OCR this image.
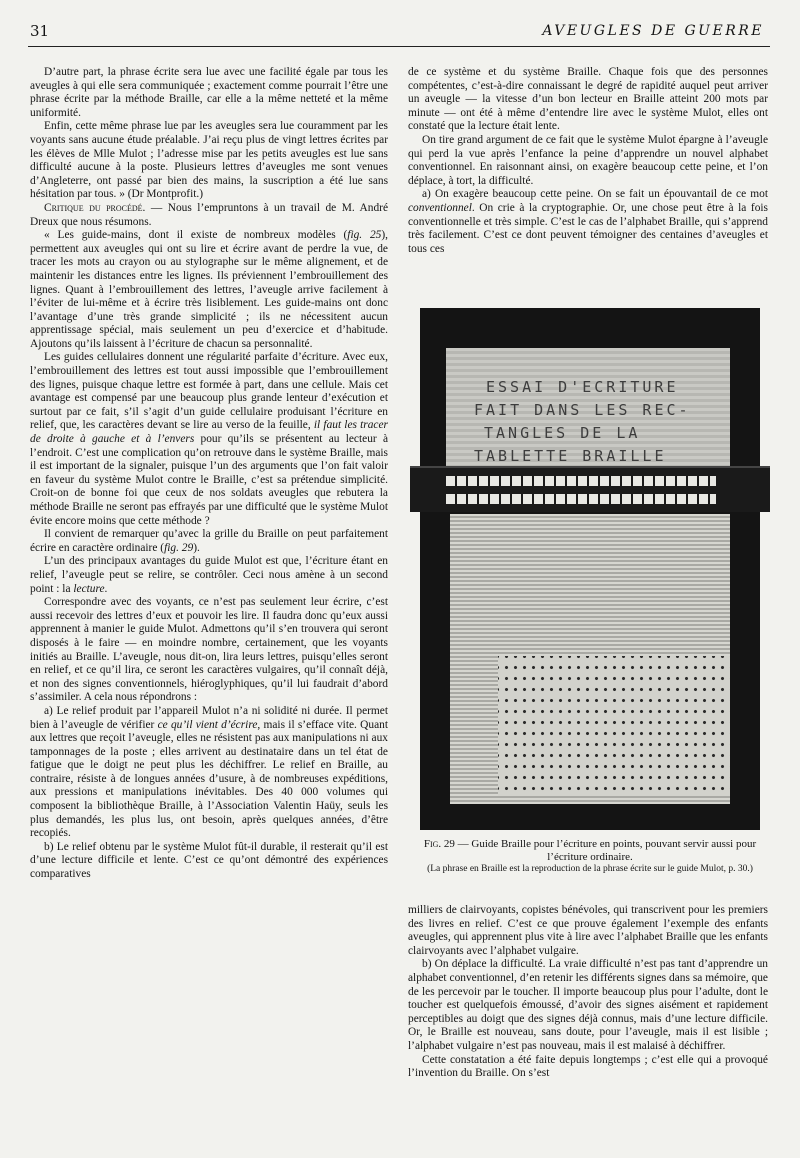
31	AVEUGLES DE GUERRE

D’autre part, la phrase écrite sera lue avec une facilité égale par tous les aveugles à qui elle sera communiquée ; exactement comme pourrait l’être une phrase écrite par la méthode Braille, car elle a la même netteté et la même uniformité.

Enfin, cette même phrase lue par les aveugles sera lue couramment par les voyants sans aucune étude préalable. J’ai reçu plus de vingt lettres écrites par les élèves de Mlle Mulot ; l’adresse mise par les petits aveugles est lue sans difficulté aucune à la poste. Plusieurs lettres d’aveugles me sont venues d’Angleterre, ont passé par bien des mains, la suscription a été lue sans hésitation par tous. » (Dr Montprofit.)

Critique du procédé. — Nous l’empruntons à un travail de M. André Dreux que nous résumons.

« Les guide-mains, dont il existe de nombreux modèles (fig. 25), permettent aux aveugles qui ont su lire et écrire avant de perdre la vue, de tracer les mots au crayon ou au stylographe sur le même alignement, et de maintenir les distances entre les lignes. Ils préviennent l’embrouillement des lignes. Quant à l’embrouillement des lettres, l’aveugle arrive facilement à l’éviter de lui-même et à écrire très lisiblement. Les guide-mains ont donc l’avantage d’une très grande simplicité ; ils ne nécessitent aucun apprentissage spécial, mais seulement un peu d’exercice et d’habitude. Ajoutons qu’ils laissent à l’écriture de chacun sa personnalité.

Les guides cellulaires donnent une régularité parfaite d’écriture. Avec eux, l’embrouillement des lettres est tout aussi impossible que l’embrouillement des lignes, puisque chaque lettre est formée à part, dans une cellule. Mais cet avantage est compensé par une beaucoup plus grande lenteur d’exécution et surtout par ce fait, s’il s’agit d’un guide cellulaire produisant l’écriture en relief, que, les caractères devant se lire au verso de la feuille, il faut les tracer de droite à gauche et à l’envers pour qu’ils se présentent au lecteur à l’endroit. C’est une complication qu’on retrouve dans le système Braille, mais il est important de la signaler, puisque l’un des arguments que l’on fait valoir en faveur du système Mulot contre le Braille, c’est sa prétendue simplicité. Croit-on de bonne foi que ceux de nos soldats aveugles que rebutera la méthode Braille ne seront pas effrayés par une difficulté que le système Mulot évite encore moins que cette méthode ?

Il convient de remarquer qu’avec la grille du Braille on peut parfaitement écrire en caractère ordinaire (fig. 29).

L’un des principaux avantages du guide Mulot est que, l’écriture étant en relief, l’aveugle peut se relire, se contrôler. Ceci nous amène à un second point : la lecture.

Correspondre avec des voyants, ce n’est pas seulement leur écrire, c’est aussi recevoir des lettres d’eux et pouvoir les lire. Il faudra donc qu’eux aussi apprennent à manier le guide Mulot. Admettons qu’il s’en trouvera qui seront disposés à le faire — en moindre nombre, certainement, que les voyants initiés au Braille. L’aveugle, nous dit-on, lira leurs lettres, puisqu’elles seront en relief, et ce qu’il lira, ce seront les caractères vulgaires, qu’il connaît déjà, et non des signes conventionnels, hiéroglyphiques, qu’il lui faudrait d’abord s’assimiler. A cela nous répondrons :

a) Le relief produit par l’appareil Mulot n’a ni solidité ni durée. Il permet bien à l’aveugle de vérifier ce qu’il vient d’écrire, mais il s’efface vite. Quant aux lettres que reçoit l’aveugle, elles ne résistent pas aux manipulations ni aux tamponnages de la poste ; elles arrivent au destinataire dans un tel état de fatigue que le doigt ne peut plus les déchiffrer. Le relief en Braille, au contraire, résiste à de longues années d’usure, à de nombreuses expéditions, aux pressions et manipulations inévitables. Des 40 000 volumes qui composent la bibliothèque Braille, à l’Association Valentin Haüy, seuls les plus demandés, les plus lus, ont besoin, après quelques années, d’être recopiés.

b) Le relief obtenu par le système Mulot fût-il durable, il resterait qu’il est d’une lecture difficile et lente. C’est ce qu’ont démontré des expériences comparatives

de ce système et du système Braille. Chaque fois que des personnes compétentes, c’est-à-dire connaissant le degré de rapidité auquel peut arriver un aveugle — la vitesse d’un bon lecteur en Braille atteint 200 mots par minute — ont été à même d’entendre lire avec le système Mulot, elles ont constaté que la lecture était lente.

On tire grand argument de ce fait que le système Mulot épargne à l’aveugle qui perd la vue après l’enfance la peine d’apprendre un nouvel alphabet conventionnel. En raisonnant ainsi, on exagère beaucoup cette peine, et l’on déplace, à tort, la difficulté.

a) On exagère beaucoup cette peine. On se fait un épouvantail de ce mot conventionnel. On crie à la cryptographie. Or, une chose peut être à la fois conventionnelle et très simple. C’est le cas de l’alphabet Braille, qui s’apprend très facilement. C’est ce dont peuvent témoigner des centaines d’aveugles et tous ces

ESSAI D'ECRITURE
FAIT DANS LES REC-
TANGLES DE LA
TABLETTE BRAILLE
Fig. 29 — Guide Braille pour l’écriture en points, pouvant servir aussi pour l’écriture ordinaire.
(La phrase en Braille est la reproduction de la phrase écrite sur le guide Mulot, p. 30.)

milliers de clairvoyants, copistes bénévoles, qui transcrivent pour les premiers des livres en relief. C’est ce que prouve également l’exemple des enfants aveugles, qui apprennent plus vite à lire avec l’alphabet Braille que les enfants clairvoyants avec l’alphabet vulgaire.

b) On déplace la difficulté. La vraie difficulté n’est pas tant d’apprendre un alphabet conventionnel, d’en retenir les différents signes dans sa mémoire, que de les percevoir par le toucher. Il importe beaucoup plus pour l’adulte, dont le toucher est quelquefois émoussé, d’avoir des signes aisément et rapidement perceptibles au doigt que des signes déjà connus, mais d’une lecture difficile. Or, le Braille est nouveau, sans doute, pour l’aveugle, mais il est lisible ; l’alphabet vulgaire n’est pas nouveau, mais il est malaisé à déchiffrer.

Cette constatation a été faite depuis longtemps ; c’est elle qui a provoqué l’invention du Braille. On s’est
